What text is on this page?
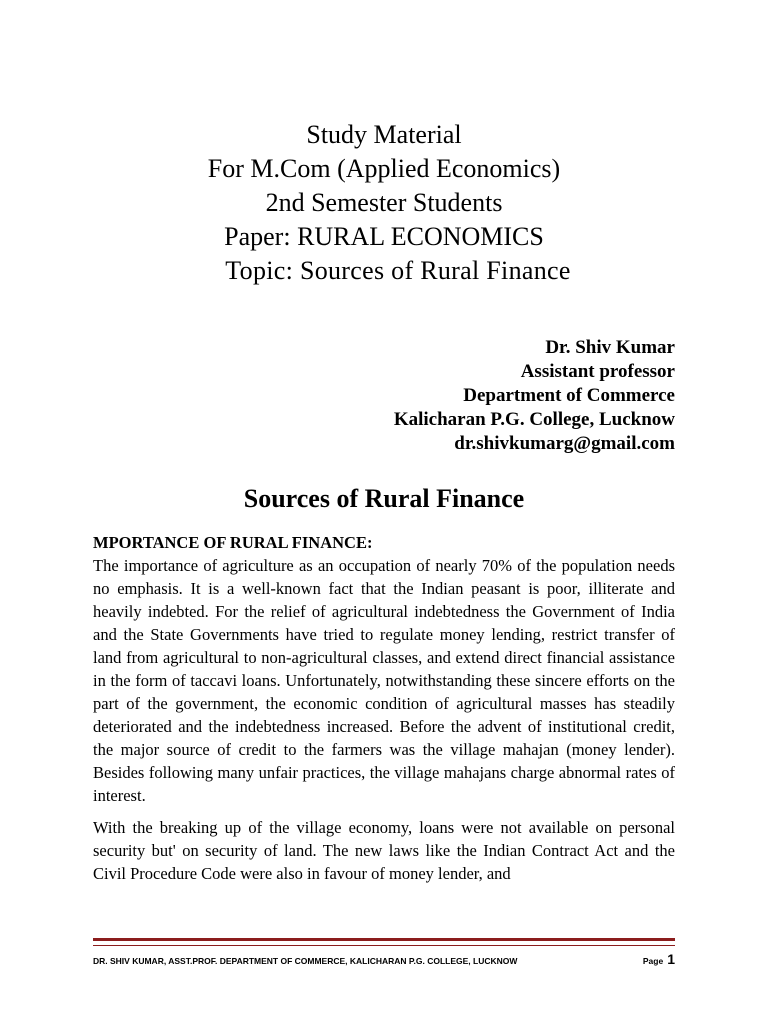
Study Material
For M.Com (Applied Economics)
2nd Semester Students
Paper: RURAL ECONOMICS
Topic: Sources of Rural Finance
Dr. Shiv Kumar
Assistant professor
Department of Commerce
Kalicharan P.G. College, Lucknow
dr.shivkumarg@gmail.com
Sources of Rural Finance
MPORTANCE OF RURAL FINANCE:

The importance of agriculture as an occupation of nearly 70% of the population needs no emphasis. It is a well-known fact that the Indian peasant is poor, illiterate and heavily indebted. For the relief of agricultural indebtedness the Government of India and the State Governments have tried to regulate money lending, restrict transfer of land from agricultural to non-agricultural classes, and extend direct financial assistance in the form of taccavi loans. Unfortunately, notwithstanding these sincere efforts on the part of the government, the economic condition of agricultural masses has steadily deteriorated and the indebtedness increased. Before the advent of institutional credit, the major source of credit to the farmers was the village mahajan (money lender). Besides following many unfair practices, the village mahajans charge abnormal rates of interest.

With the breaking up of the village economy, loans were not available on personal security but' on security of land. The new laws like the Indian Contract Act and the Civil Procedure Code were also in favour of money lender, and

DR. SHIV KUMAR, ASST.PROF. DEPARTMENT OF COMMERCE, KALICHARAN P.G. COLLEGE, LUCKNOW	Page 1
